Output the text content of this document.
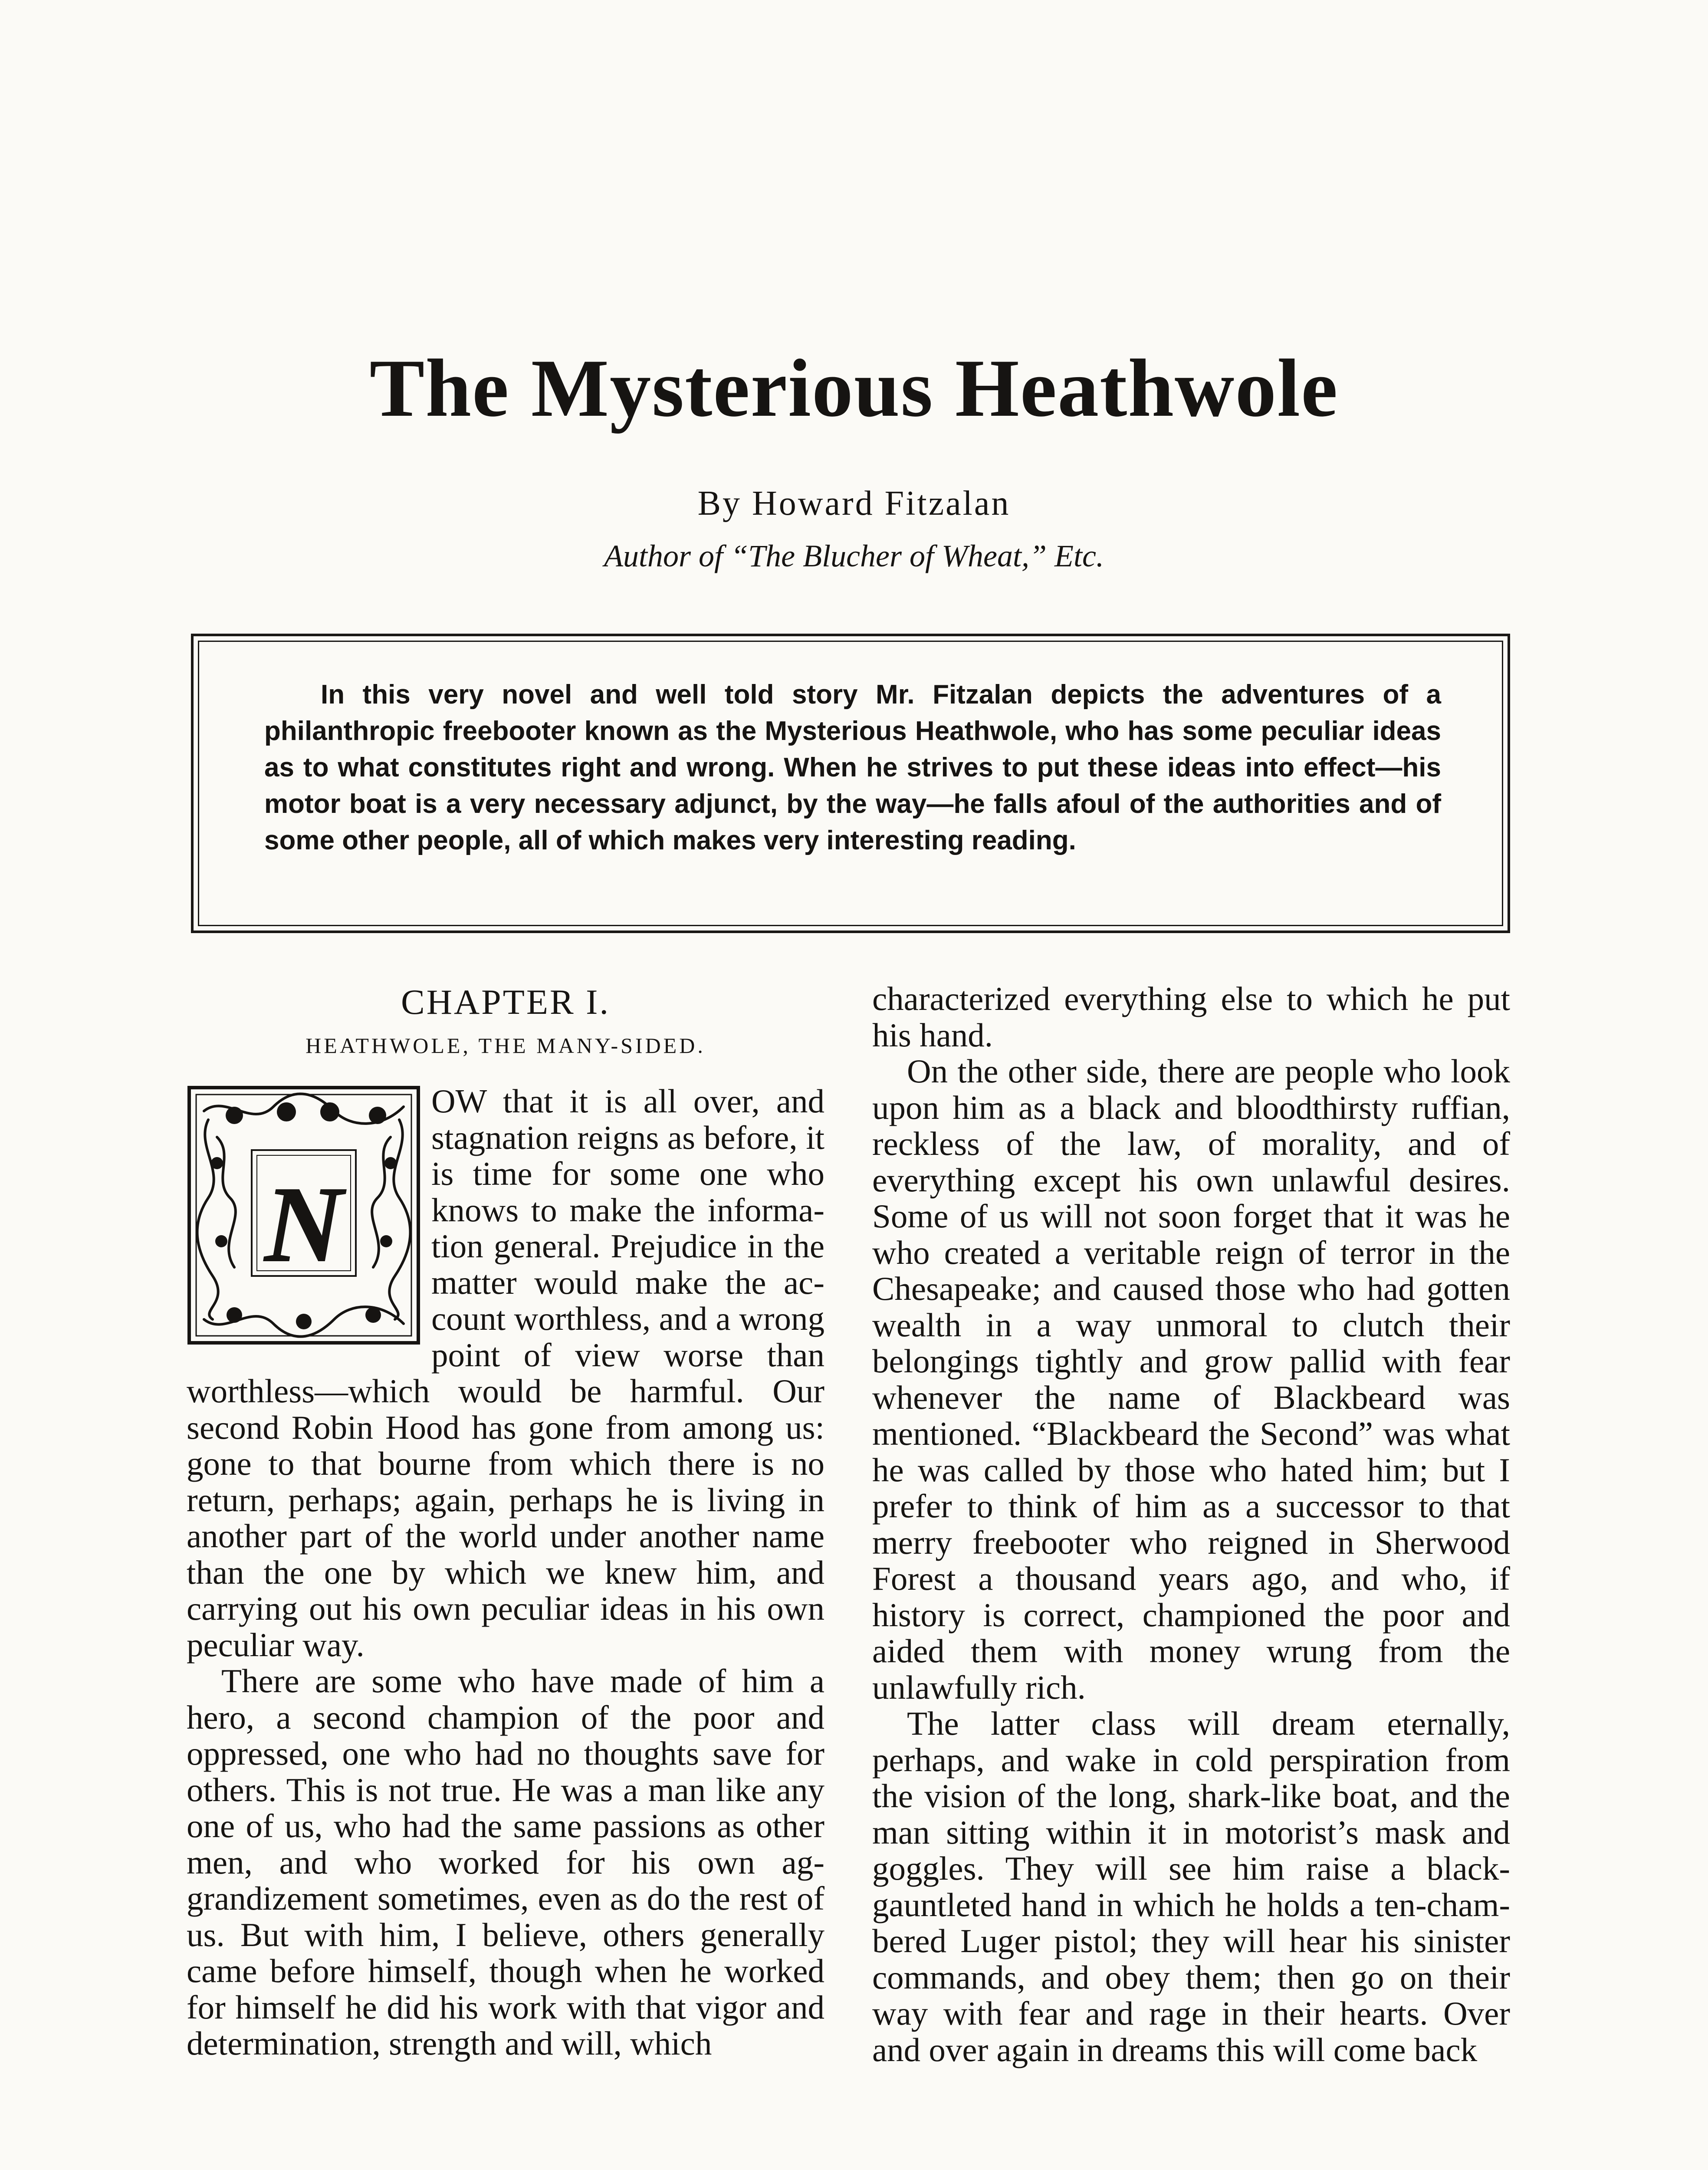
The Mysterious Heathwole
By Howard Fitzalan
Author of “The Blucher of Wheat,” Etc.

In this very novel and well told story Mr. Fitzalan depicts the adventures of a philanthropic freebooter known as the Mysterious Heathwole, who has some peculiar ideas as to what constitutes right and wrong. When he strives to put these ideas into effect—his motor boat is a very necessary adjunct, by the way—he falls afoul of the authorities and of some other people, all of which makes very interesting reading.

CHAPTER I.
HEATHWOLE, THE MANY-SIDED.
N

OW that it is all over, and stagnation reigns as before, it is time for some one who knows to make the information general. Prejudice in the matter would make the account worthless, and a wrong point of view worse than worthless—which would be harmful. Our second Robin Hood has gone from among us: gone to that bourne from which there is no return, perhaps; again, perhaps he is living in another part of the world under another name than the one by which we knew him, and carrying out his own peculiar ideas in his own peculiar way.

There are some who have made of him a hero, a second champion of the poor and oppressed, one who had no thoughts save for others. This is not true. He was a man like any one of us, who had the same passions as other men, and who worked for his own aggrandizement sometimes, even as do the rest of us. But with him, I believe, others generally came before himself, though when he worked for himself he did his work with that vigor and determination, strength and will, which

characterized everything else to which he put his hand.

On the other side, there are people who look upon him as a black and bloodthirsty ruffian, reckless of the law, of morality, and of everything except his own unlawful desires. Some of us will not soon forget that it was he who created a veritable reign of terror in the Chesapeake; and caused those who had gotten wealth in a way unmoral to clutch their belongings tightly and grow pallid with fear whenever the name of Blackbeard was mentioned. “Blackbeard the Second” was what he was called by those who hated him; but I prefer to think of him as a successor to that merry freebooter who reigned in Sherwood Forest a thousand years ago, and who, if history is correct, championed the poor and aided them with money wrung from the unlawfully rich.

The latter class will dream eternally, perhaps, and wake in cold perspiration from the vision of the long, shark-like boat, and the man sitting within it in motorist’s mask and goggles. They will see him raise a black-gauntleted hand in which he holds a ten-chambered Luger pistol; they will hear his sinister commands, and obey them; then go on their way with fear and rage in their hearts. Over and over again in dreams this will come back
